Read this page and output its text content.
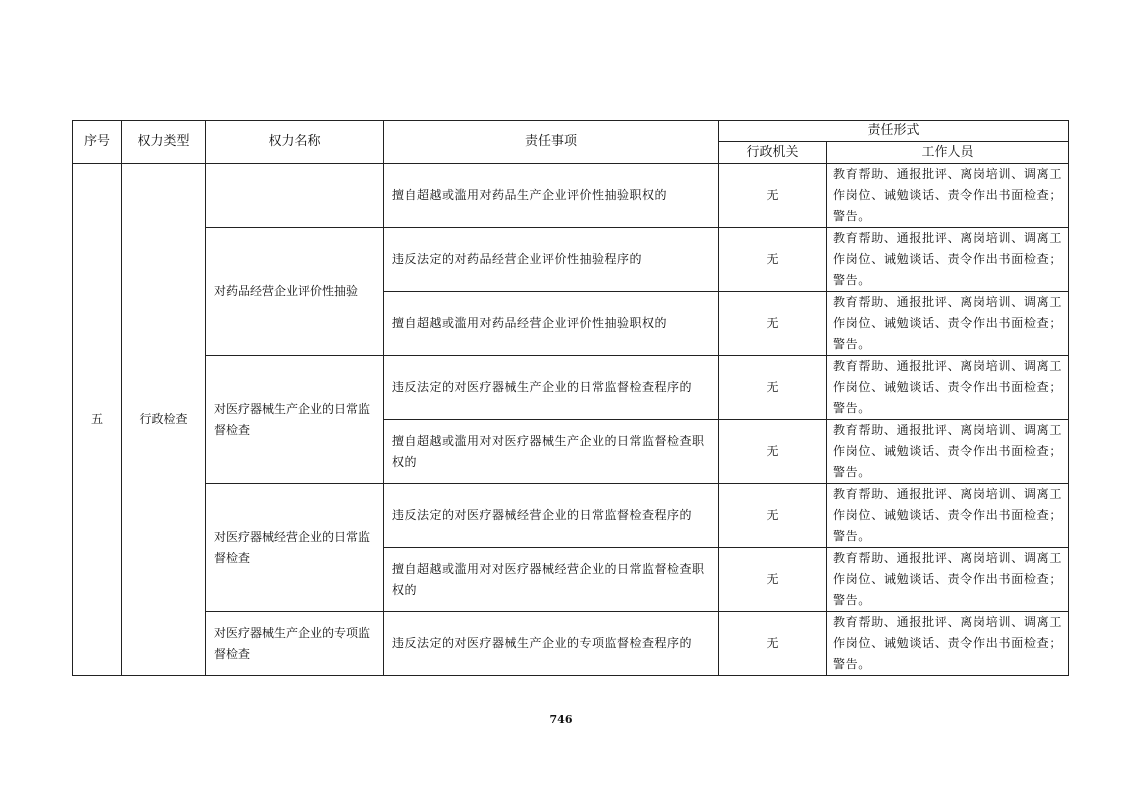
序号	权力类型	权力名称	责任事项	责任形式	
				行政机关	工作人员
五	行政检查		擅自超越或滥用对药品生产企业评价性抽验职权的	无	教育帮助、通报批评、离岗培训、调离工作岗位、诫勉谈话、责令作出书面检查；警告。
		对药品经营企业评价性抽验	违反法定的对药品经营企业评价性抽验程序的	无	教育帮助、通报批评、离岗培训、调离工作岗位、诫勉谈话、责令作出书面检查；警告。
			擅自超越或滥用对药品经营企业评价性抽验职权的	无	教育帮助、通报批评、离岗培训、调离工作岗位、诫勉谈话、责令作出书面检查；警告。
		对医疗器械生产企业的日常监督检查	违反法定的对医疗器械生产企业的日常监督检查程序的	无	教育帮助、通报批评、离岗培训、调离工作岗位、诫勉谈话、责令作出书面检查；警告。
			擅自超越或滥用对对医疗器械生产企业的日常监督检查职权的	无	教育帮助、通报批评、离岗培训、调离工作岗位、诫勉谈话、责令作出书面检查；警告。
		对医疗器械经营企业的日常监督检查	违反法定的对医疗器械经营企业的日常监督检查程序的	无	教育帮助、通报批评、离岗培训、调离工作岗位、诫勉谈话、责令作出书面检查；警告。
			擅自超越或滥用对对医疗器械经营企业的日常监督检查职权的	无	教育帮助、通报批评、离岗培训、调离工作岗位、诫勉谈话、责令作出书面检查；警告。
		对医疗器械生产企业的专项监督检查	违反法定的对医疗器械生产企业的专项监督检查程序的	无	教育帮助、通报批评、离岗培训、调离工作岗位、诫勉谈话、责令作出书面检查；警告。
746
